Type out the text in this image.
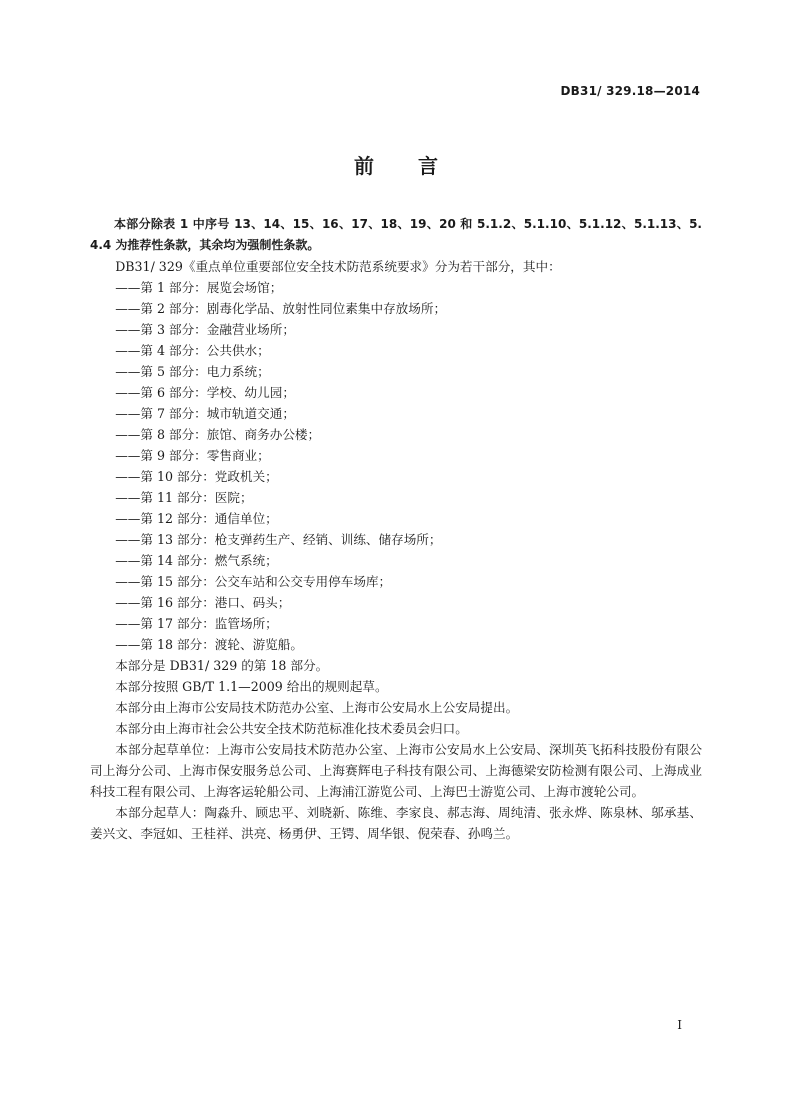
DB31/ 329.18—2014
前言

本部分除表 1 中序号 13、14、15、16、17、18、19、20 和 5.1.2、5.1.10、5.1.12、5.1.13、5.4.4 为推荐性条款，其余均为强制性条款。

DB31/ 329《重点单位重要部位安全技术防范系统要求》分为若干部分，其中：

——第 1 部分：展览会场馆；

——第 2 部分：剧毒化学品、放射性同位素集中存放场所；

——第 3 部分：金融营业场所；

——第 4 部分：公共供水；

——第 5 部分：电力系统；

——第 6 部分：学校、幼儿园；

——第 7 部分：城市轨道交通；

——第 8 部分：旅馆、商务办公楼；

——第 9 部分：零售商业；

——第 10 部分：党政机关；

——第 11 部分：医院；

——第 12 部分：通信单位；

——第 13 部分：枪支弹药生产、经销、训练、储存场所；

——第 14 部分：燃气系统；

——第 15 部分：公交车站和公交专用停车场库；

——第 16 部分：港口、码头；

——第 17 部分：监管场所；

——第 18 部分：渡轮、游览船。

本部分是 DB31/ 329 的第 18 部分。

本部分按照 GB/T 1.1—2009 给出的规则起草。

本部分由上海市公安局技术防范办公室、上海市公安局水上公安局提出。

本部分由上海市社会公共安全技术防范标准化技术委员会归口。

本部分起草单位：上海市公安局技术防范办公室、上海市公安局水上公安局、深圳英飞拓科技股份有限公司上海分公司、上海市保安服务总公司、上海赛辉电子科技有限公司、上海德梁安防检测有限公司、上海成业科技工程有限公司、上海客运轮船公司、上海浦江游览公司、上海巴士游览公司、上海市渡轮公司。

本部分起草人：陶淼升、顾忠平、刘晓新、陈维、李家良、郝志海、周纯清、张永烨、陈泉林、邬承基、姜兴文、李冠如、王桂祥、洪亮、杨勇伊、王锷、周华银、倪荣春、孙鸣兰。

I
